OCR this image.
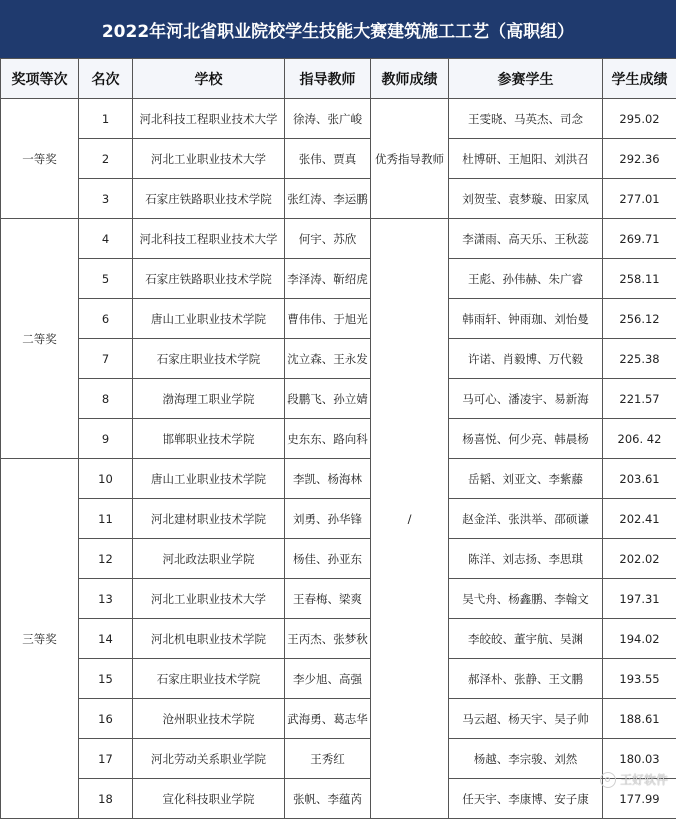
2022年河北省职业院校学生技能大赛建筑施工工艺（高职组）
奖项等次	名次	学校	指导教师	教师成绩	参赛学生	学生成绩
一等奖	1	河北科技工程职业技术大学	徐涛、张广峻	优秀指导教师	王雯晓、马英杰、司念	295.02
	2	河北工业职业技术大学	张伟、贾真		杜博研、王旭阳、刘洪召	292.36
	3	石家庄铁路职业技术学院	张红涛、李运鹏		刘贺莹、袁梦璇、田家凤	277.01
二等奖	4	河北科技工程职业技术大学	何宇、苏欣	/	李潇雨、高天乐、王秋蕊	269.71
	5	石家庄铁路职业技术学院	李泽涛、靳绍虎		王彪、孙伟赫、朱广睿	258.11
	6	唐山工业职业技术学院	曹伟伟、于旭光		韩雨轩、钟雨珈、刘怡曼	256.12
	7	石家庄职业技术学院	沈立森、王永发		许诺、肖毅博、万代毅	225.38
	8	渤海理工职业学院	段鹏飞、孙立婧		马可心、潘凌宇、易新海	221.57
	9	邯郸职业技术学院	史东东、路向科		杨喜悦、何少亮、韩晨杨	206. 42
三等奖	10	唐山工业职业技术学院	李凯、杨海林		岳韬、刘亚文、李紫藤	203.61
	11	河北建材职业技术学院	刘勇、孙华锋		赵金洋、张洪举、邵硕谦	202.41
	12	河北政法职业学院	杨佳、孙亚东		陈洋、刘志扬、李思琪	202.02
	13	河北工业职业技术大学	王春梅、梁爽		吴弋舟、杨鑫鹏、李翰文	197.31
	14	河北机电职业技术学院	王丙杰、张梦秋		李皎皎、董宇航、吴渊	194.02
	15	石家庄职业技术学院	李少旭、高强		郝泽朴、张静、王文鹏	193.55
	16	沧州职业技术学院	武海勇、葛志华		马云超、杨天宇、吴子帅	188.61
	17	河北劳动关系职业学院	王秀红		杨越、李宗骏、刘然	180.03
	18	宣化科技职业学院	张帆、李蕴芮		任天宇、李康博、安子康	177.99
王好软件
